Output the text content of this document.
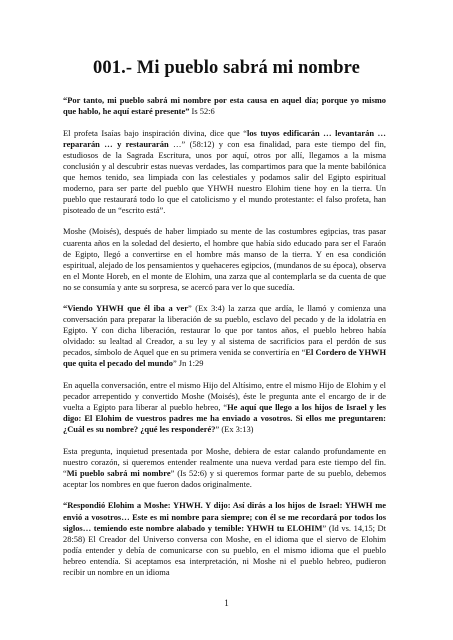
001.- Mi pueblo sabrá mi nombre

“Por tanto, mi pueblo sabrá mi nombre por esta causa en aquel día; porque yo mismo que hablo, he aquí estaré presente” Is 52:6

El profeta Isaías bajo inspiración divina, dice que “los tuyos edificarán … levantarán … repararán … y restaurarán …” (58:12) y con esa finalidad, para este tiempo del fin, estudiosos de la Sagrada Escritura, unos por aquí, otros por allí, llegamos a la misma conclusión y al descubrir estas nuevas verdades, las compartimos para que la mente babilónica que hemos tenido, sea limpiada con las celestiales y podamos salir del Egipto espiritual moderno, para ser parte del pueblo que YHWH nuestro Elohim tiene hoy en la tierra. Un pueblo que restaurará todo lo que el catolicismo y el mundo protestante: el falso profeta, han pisoteado de un “escrito está”.

Moshe (Moisés), después de haber limpiado su mente de las costumbres egipcias, tras pasar cuarenta años en la soledad del desierto, el hombre que había sido educado para ser el Faraón de Egipto, llegó a convertirse en el hombre más manso de la tierra. Y en esa condición espiritual, alejado de los pensamientos y quehaceres egipcios, (mundanos de su época), observa en el Monte Horeb, en el monte de Elohim, una zarza que al contemplarla se da cuenta de que no se consumía y ante su sorpresa, se acercó para ver lo que sucedía.

“Viendo YHWH que él iba a ver” (Ex 3:4) la zarza que ardía, le llamó y comienza una conversación para preparar la liberación de su pueblo, esclavo del pecado y de la idolatría en Egipto. Y con dicha liberación, restaurar lo que por tantos años, el pueblo hebreo había olvidado: su lealtad al Creador, a su ley y al sistema de sacrificios para el perdón de sus pecados, símbolo de Aquel que en su primera venida se convertiría en “El Cordero de YHWH que quita el pecado del mundo” Jn 1:29

En aquella conversación, entre el mismo Hijo del Altísimo, entre el mismo Hijo de Elohim y el pecador arrepentido y convertido Moshe (Moisés), éste le pregunta ante el encargo de ir de vuelta a Egipto para liberar al pueblo hebreo, “He aquí que llego a los hijos de Israel y les digo: El Elohim de vuestros padres me ha enviado a vosotros. Si ellos me preguntaren: ¿Cuál es su nombre? ¿qué les responderé?” (Ex 3:13)

Esta pregunta, inquietud presentada por Moshe, debiera de estar calando profundamente en nuestro corazón, si queremos entender realmente una nueva verdad para este tiempo del fin. “Mi pueblo sabrá mi nombre” (Is 52:6) y si queremos formar parte de su pueblo, debemos aceptar los nombres en que fueron dados originalmente.

“Respondió Elohim a Moshe: YHWH. Y dijo: Así dirás a los hijos de Israel: YHWH me envió a vosotros… Este es mi nombre para siempre; con él se me recordará por todos los siglos… temiendo este nombre alabado y temible: YHWH tu ELOHIM” (Id vs. 14,15; Dt 28:58) El Creador del Universo conversa con Moshe, en el idioma que el siervo de Elohim podía entender y debía de comunicarse con su pueblo, en el mismo idioma que el pueblo hebreo entendía. Si aceptamos esa interpretación, ni Moshe ni el pueblo hebreo, pudieron recibir un nombre en un idioma

1
